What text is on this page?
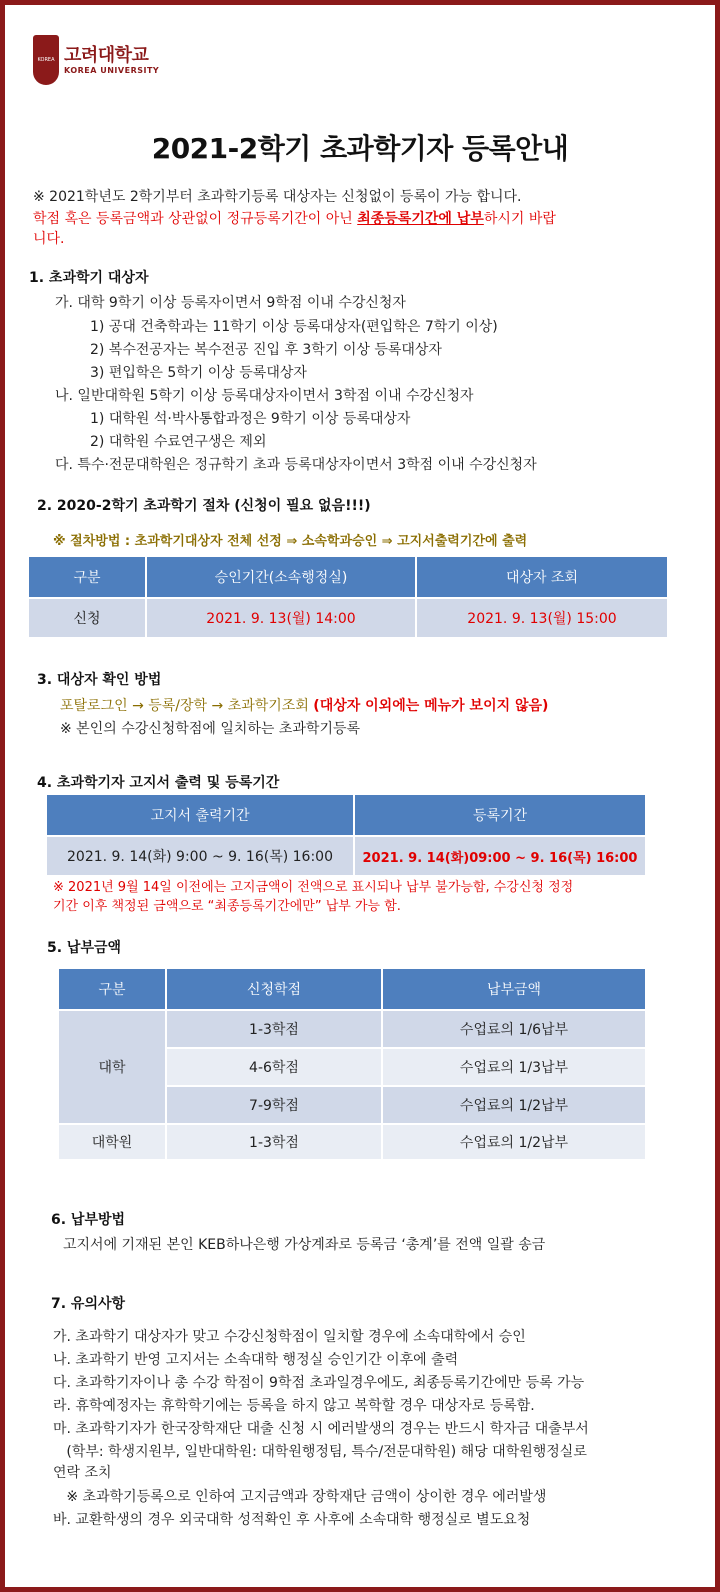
KOREA 고려대학교
KOREA UNIVERSITY
2021-2학기 초과학기자 등록안내
※ 2021학년도 2학기부터 초과학기등록 대상자는 신청없이 등록이 가능 합니다.
학점 혹은 등록금액과 상관없이 정규등록기간이 아닌 최종등록기간에 납부하시기 바랍
니다.
1. 초과학기 대상자
가. 대학 9학기 이상 등록자이면서 9학점 이내 수강신청자
1) 공대 건축학과는 11학기 이상 등록대상자(편입학은 7학기 이상)
2) 복수전공자는 복수전공 진입 후 3학기 이상 등록대상자
3) 편입학은 5학기 이상 등록대상자
나. 일반대학원 5학기 이상 등록대상자이면서 3학점 이내 수강신청자
1) 대학원 석·박사통합과정은 9학기 이상 등록대상자
2) 대학원 수료연구생은 제외
다. 특수·전문대학원은 정규학기 초과 등록대상자이면서 3학점 이내 수강신청자
2. 2020-2학기 초과학기 절차 (신청이 필요 없음!!!)
※ 절차방법 : 초과학기대상자 전체 선정 ⇒ 소속학과승인 ⇒ 고지서출력기간에 출력
구분	승인기간(소속행정실)	대상자 조회
신청	2021. 9. 13(월) 14:00	2021. 9. 13(월) 15:00
3. 대상자 확인 방법
포탈로그인 → 등록/장학 → 초과학기조회 (대상자 이외에는 메뉴가 보이지 않음)
※ 본인의 수강신청학점에 일치하는 초과학기등록
4. 초과학기자 고지서 출력 및 등록기간
고지서 출력기간	등록기간
2021. 9. 14(화) 9:00 ~ 9. 16(목) 16:00	2021. 9. 14(화)09:00 ~ 9. 16(목) 16:00
※ 2021년 9월 14일 이전에는 고지금액이 전액으로 표시되나 납부 불가능함, 수강신청 정정
기간 이후 책정된 금액으로 “최종등록기간에만” 납부 가능 함.
5. 납부금액
구분	신청학점	납부금액
대학	1-3학점	수업료의 1/6납부
	4-6학점	수업료의 1/3납부
	7-9학점	수업료의 1/2납부
대학원	1-3학점	수업료의 1/2납부
6. 납부방법
고지서에 기재된 본인 KEB하나은행 가상계좌로 등록금 ‘총계’를 전액 일괄 송금
7. 유의사항
가. 초과학기 대상자가 맞고 수강신청학점이 일치할 경우에 소속대학에서 승인
나. 초과학기 반영 고지서는 소속대학 행정실 승인기간 이후에 출력
다. 초과학기자이나 총 수강 학점이 9학점 초과일경우에도, 최종등록기간에만 등록 가능
라. 휴학예정자는 휴학학기에는 등록을 하지 않고 복학할 경우 대상자로 등록함.
마. 초과학기자가 한국장학재단 대출 신청 시 에러발생의 경우는 반드시 학자금 대출부서
(학부: 학생지원부, 일반대학원: 대학원행정팀, 특수/전문대학원) 해당 대학원행정실로
연락 조치
※ 초과학기등록으로 인하여 고지금액과 장학재단 금액이 상이한 경우 에러발생
바. 교환학생의 경우 외국대학 성적확인 후 사후에 소속대학 행정실로 별도요청
